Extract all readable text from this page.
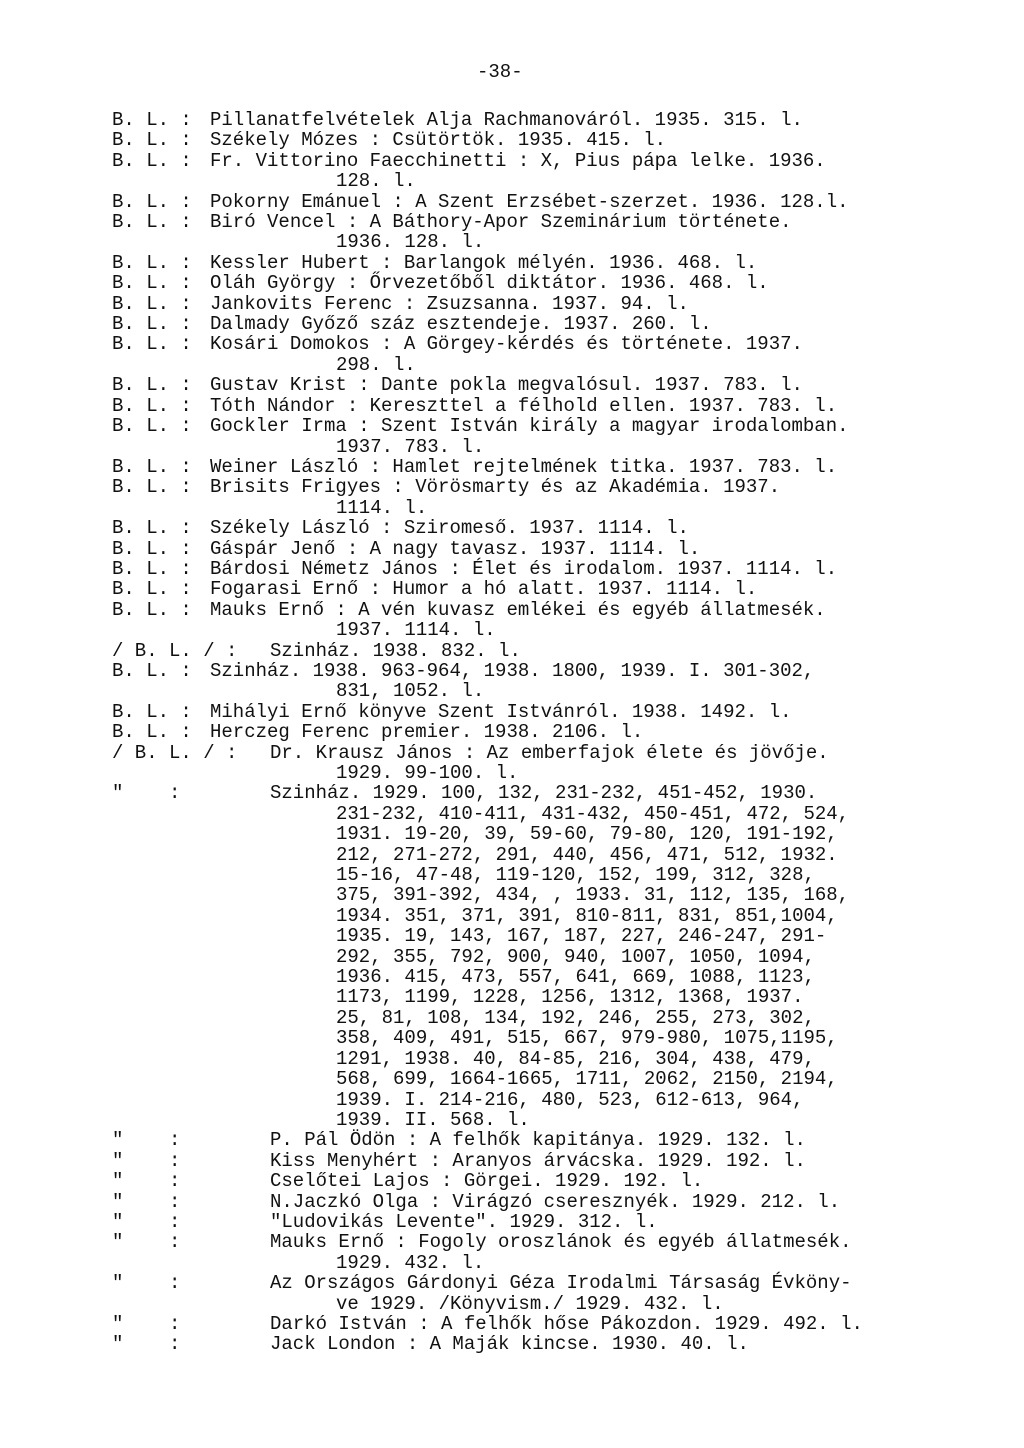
-38-
B. L. : Pillanatfelvételek Alja Rachmanováról. 1935. 315. l.
B. L. : Székely Mózes : Csütörtök. 1935. 415. l.
B. L. : Fr. Vittorino Faecchinetti : X, Pius pápa lelke. 1936.
128. l.
B. L. : Pokorny Emánuel : A Szent Erzsébet-szerzet. 1936. 128.l.
B. L. : Biró Vencel : A Báthory-Apor Szeminárium története.
1936. 128. l.
B. L. : Kessler Hubert : Barlangok mélyén. 1936. 468. l.
B. L. : Oláh György : Őrvezetőből diktátor. 1936. 468. l.
B. L. : Jankovits Ferenc : Zsuzsanna. 1937. 94. l.
B. L. : Dalmady Győző száz esztendeje. 1937. 260. l.
B. L. : Kosári Domokos : A Görgey-kérdés és története. 1937.
298. l.
B. L. : Gustav Krist : Dante pokla megvalósul. 1937. 783. l.
B. L. : Tóth Nándor : Kereszttel a félhold ellen. 1937. 783. l.
B. L. : Gockler Irma : Szent István király a magyar irodalomban.
1937. 783. l.
B. L. : Weiner László : Hamlet rejtelmének titka. 1937. 783. l.
B. L. : Brisits Frigyes : Vörösmarty és az Akadémia. 1937.
1114. l.
B. L. : Székely László : Sziromeső. 1937. 1114. l.
B. L. : Gáspár Jenő : A nagy tavasz. 1937. 1114. l.
B. L. : Bárdosi Németz János : Élet és irodalom. 1937. 1114. l.
B. L. : Fogarasi Ernő : Humor a hó alatt. 1937. 1114. l.
B. L. : Mauks Ernő : A vén kuvasz emlékei és egyéb állatmesék.
1937. 1114. l.
/ B. L. / :	Szinház. 1938. 832. l.
B. L. : Szinház. 1938. 963-964, 1938. 1800, 1939. I. 301-302,
831, 1052. l.
B. L. : Mihályi Ernő könyve Szent Istvánról. 1938. 1492. l.
B. L. : Herczeg Ferenc premier. 1938. 2106. l.
/ B. L. / :	Dr. Krausz János : Az emberfajok élete és jövője.
1929. 99-100. l.
"    :	Szinház. 1929. 100, 132, 231-232, 451-452, 1930.
231-232, 410-411, 431-432, 450-451, 472, 524,
1931. 19-20, 39, 59-60, 79-80, 120, 191-192,
212, 271-272, 291, 440, 456, 471, 512, 1932.
15-16, 47-48, 119-120, 152, 199, 312, 328,
375, 391-392, 434, , 1933. 31, 112, 135, 168,
1934. 351, 371, 391, 810-811, 831, 851,1004,
1935. 19, 143, 167, 187, 227, 246-247, 291-
292, 355, 792, 900, 940, 1007, 1050, 1094,
1936. 415, 473, 557, 641, 669, 1088, 1123,
1173, 1199, 1228, 1256, 1312, 1368, 1937.
25, 81, 108, 134, 192, 246, 255, 273, 302,
358, 409, 491, 515, 667, 979-980, 1075,1195,
1291, 1938. 40, 84-85, 216, 304, 438, 479,
568, 699, 1664-1665, 1711, 2062, 2150, 2194,
1939. I. 214-216, 480, 523, 612-613, 964,
1939. II. 568. l.
"    :	P. Pál Ödön : A felhők kapitánya. 1929. 132. l.
"    :	Kiss Menyhért : Aranyos árvácska. 1929. 192. l.
"    :	Cselőtei Lajos : Görgei. 1929. 192. l.
"    :	N.Jaczkó Olga : Virágzó cseresznyék. 1929. 212. l.
"    :	"Ludovikás Levente". 1929. 312. l.
"    :	Mauks Ernő : Fogoly oroszlánok és egyéb állatmesék.
1929. 432. l.
"    :	Az Országos Gárdonyi Géza Irodalmi Társaság Évköny-
ve 1929. /Könyvism./ 1929. 432. l.
"    :	Darkó István : A felhők hőse Pákozdon. 1929. 492. l.
"    :	Jack London : A Maják kincse. 1930. 40. l.
